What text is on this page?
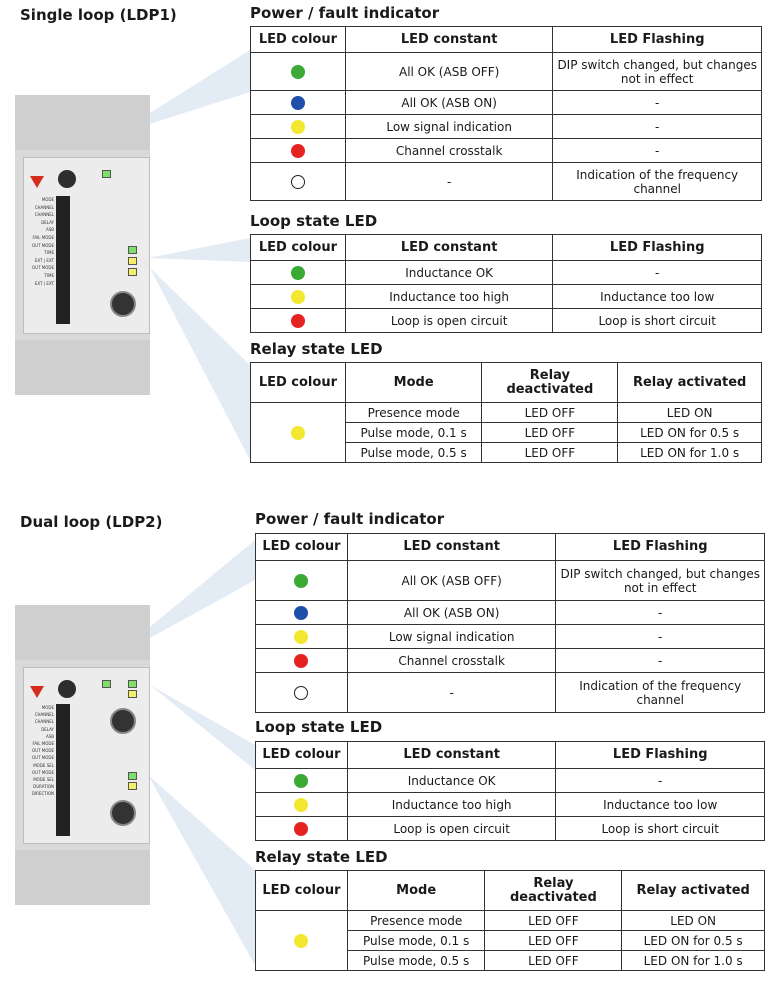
Single loop (LDP1)
MODE
CHANNEL
CHANNEL
DELAY
ASB
FAIL MODE
OUT MODE
TIME
EXT | EXT
OUT MODE
TIME
EXT | EXT
Power / fault indicator
LED colour	LED constant	LED Flashing
	All OK (ASB OFF)	DIP switch changed, but changes not in effect
	All OK (ASB ON)	-
	Low signal indication	-
	Channel crosstalk	-
	-	Indication of the frequency channel
Loop state LED
LED colour	LED constant	LED Flashing
	Inductance OK	-
	Inductance too high	Inductance too low
	Loop is open circuit	Loop is short circuit
Relay state LED
LED colour	Mode	Relay deactivated	Relay activated
	Presence mode	LED OFF	LED ON
	Pulse mode, 0.1 s	LED OFF	LED ON for 0.5 s
	Pulse mode, 0.5 s	LED OFF	LED ON for 1.0 s
Dual loop (LDP2)
MODE
CHANNEL
CHANNEL
DELAY
ASB
FAIL MODE
OUT MODE
OUT MODE
MODE SEL
OUT MODE
MODE SEL
DURATION
DIRECTION
Power / fault indicator
LED colour	LED constant	LED Flashing
	All OK (ASB OFF)	DIP switch changed, but changes not in effect
	All OK (ASB ON)	-
	Low signal indication	-
	Channel crosstalk	-
	-	Indication of the frequency channel
Loop state LED
LED colour	LED constant	LED Flashing
	Inductance OK	-
	Inductance too high	Inductance too low
	Loop is open circuit	Loop is short circuit
Relay state LED
LED colour	Mode	Relay deactivated	Relay activated
	Presence mode	LED OFF	LED ON
	Pulse mode, 0.1 s	LED OFF	LED ON for 0.5 s
	Pulse mode, 0.5 s	LED OFF	LED ON for 1.0 s
